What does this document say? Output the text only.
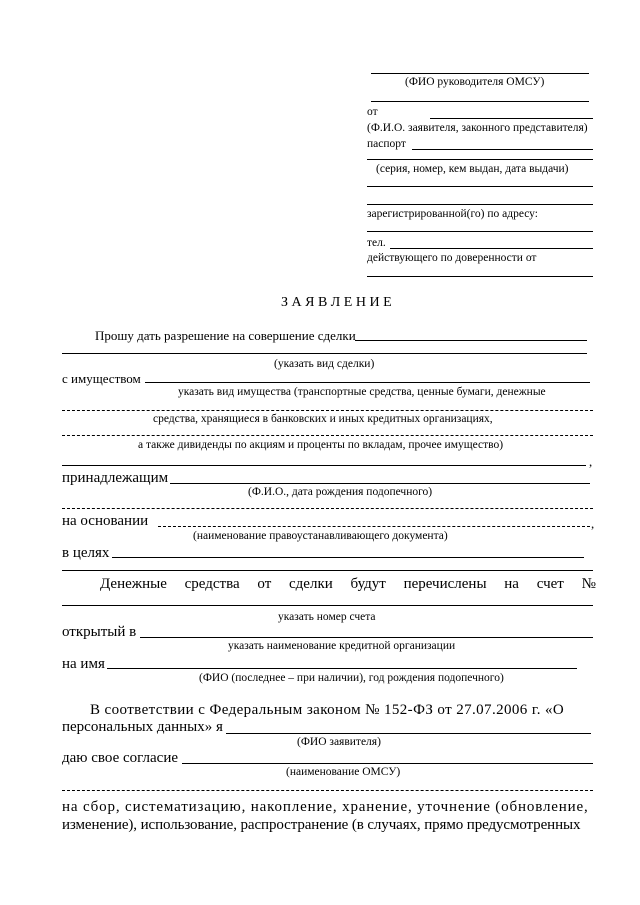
(ФИО руководителя ОМСУ)
от
(Ф.И.О. заявителя, законного представителя)
паспорт
(серия, номер, кем выдан, дата выдачи)
зарегистрированной(го) по адресу:
тел.
действующего по доверенности от
З А Я В Л Е Н И Е
Прошу дать разрешение на совершение сделки
(указать вид сделки)
с имуществом
указать вид имущества (транспортные средства, ценные бумаги, денежные
средства, хранящиеся в банковских и иных кредитных организациях,
а также дивиденды по акциям и проценты по вкладам, прочее имущество)
,
принадлежащим
(Ф.И.О., дата рождения подопечного)
на основании	,
(наименование правоустанавливающего документа)
в целях
Денежные средства от сделки будут перечислены на счет №
указать номер счета
открытый в
указать наименование кредитной организации
на имя
(ФИО (последнее – при наличии), год рождения подопечного)
В соответствии с Федеральным законом № 152-ФЗ от 27.07.2006 г. «О
персональных данных» я
(ФИО заявителя)
даю свое согласие
(наименование ОМСУ)
на сбор, систематизацию, накопление, хранение, уточнение (обновление,
изменение), использование, распространение (в случаях, прямо предусмотренных
